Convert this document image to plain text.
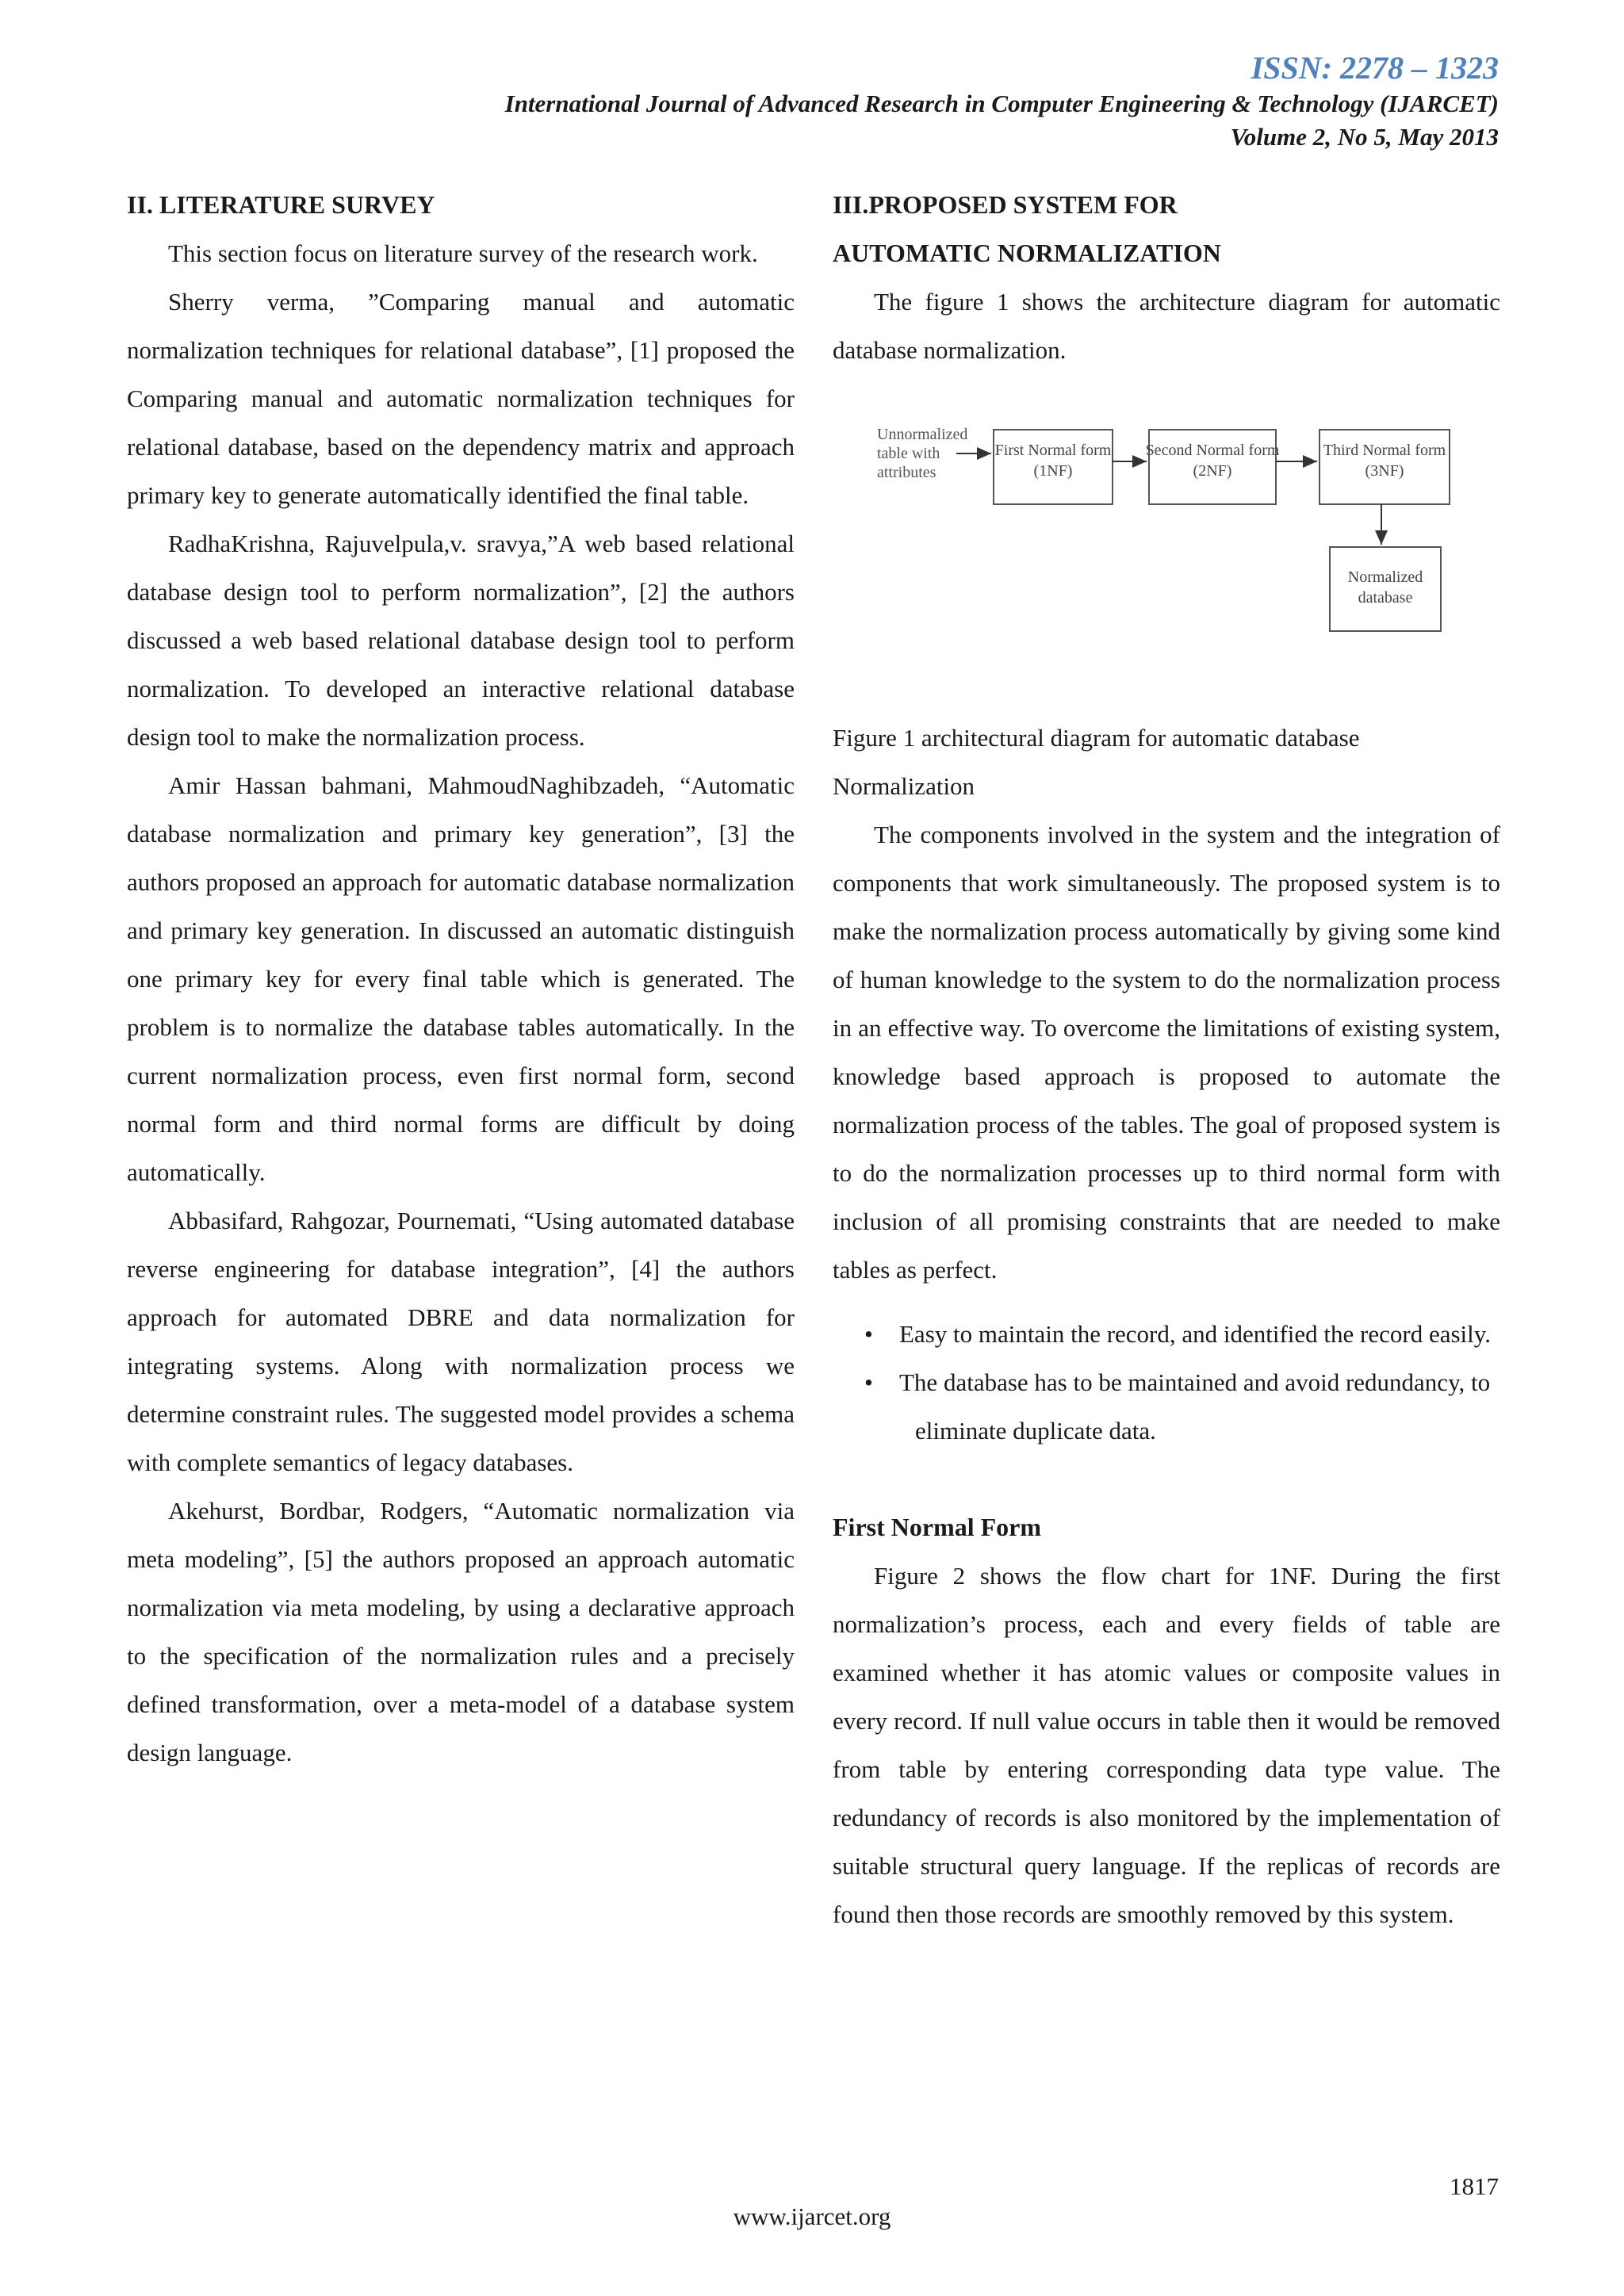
ISSN: 2278 – 1323
International Journal of Advanced Research in Computer Engineering & Technology (IJARCET)
Volume 2, No 5, May 2013

II. LITERATURE SURVEY

This section focus on literature survey of the research work.

Sherry verma, ”Comparing manual and automatic normalization techniques for relational database”, [1] proposed the Comparing manual and automatic normalization techniques for relational database, based on the dependency matrix and approach primary key to generate automatically identified the final table.

RadhaKrishna, Rajuvelpula,v. sravya,”A web based relational database design tool to perform normalization”, [2] the authors discussed a web based relational database design tool to perform normalization. To developed an interactive relational database design tool to make the normalization process.

Amir Hassan bahmani, MahmoudNaghibzadeh, “Automatic database normalization and primary key generation”, [3] the authors proposed an approach for automatic database normalization and primary key generation. In discussed an automatic distinguish one primary key for every final table which is generated. The problem is to normalize the database tables automatically. In the current normalization process, even first normal form, second normal form and third normal forms are difficult by doing automatically.

Abbasifard, Rahgozar, Pournemati, “Using automated database reverse engineering for database integration”, [4] the authors approach for automated DBRE and data normalization for integrating systems. Along with normalization process we determine constraint rules. The suggested model provides a schema with complete semantics of legacy databases.

Akehurst, Bordbar, Rodgers, “Automatic normalization via meta modeling”, [5] the authors proposed an approach automatic normalization via meta modeling, by using a declarative approach to the specification of the normalization rules and a precisely defined transformation, over a meta-model of a database system design language.

III.PROPOSED SYSTEM FOR

AUTOMATIC NORMALIZATION

The figure 1 shows the architecture diagram for automatic database normalization.

Unnormalized
table with
attributes
First Normal form
(1NF)
Second Normal form
(2NF)
Third Normal form
(3NF)
Normalized
database

Figure 1 architectural diagram for automatic database

Normalization

The components involved in the system and the integration of components that work simultaneously. The proposed system is to make the normalization process automatically by giving some kind of human knowledge to the system to do the normalization process in an effective way. To overcome the limitations of existing system, knowledge based approach is proposed to automate the normalization process of the tables. The goal of proposed system is to do the normalization processes up to third normal form with inclusion of all promising constraints that are needed to make tables as perfect.

• Easy to maintain the record, and identified the record easily.
• The database has to be maintained and avoid redundancy, to eliminate duplicate data.

First Normal Form

Figure 2 shows the flow chart for 1NF. During the first normalization’s process, each and every fields of table are examined whether it has atomic values or composite values in every record. If null value occurs in table then it would be removed from table by entering corresponding data type value. The redundancy of records is also monitored by the implementation of suitable structural query language. If the replicas of records are found then those records are smoothly removed by this system.

1817
www.ijarcet.org
